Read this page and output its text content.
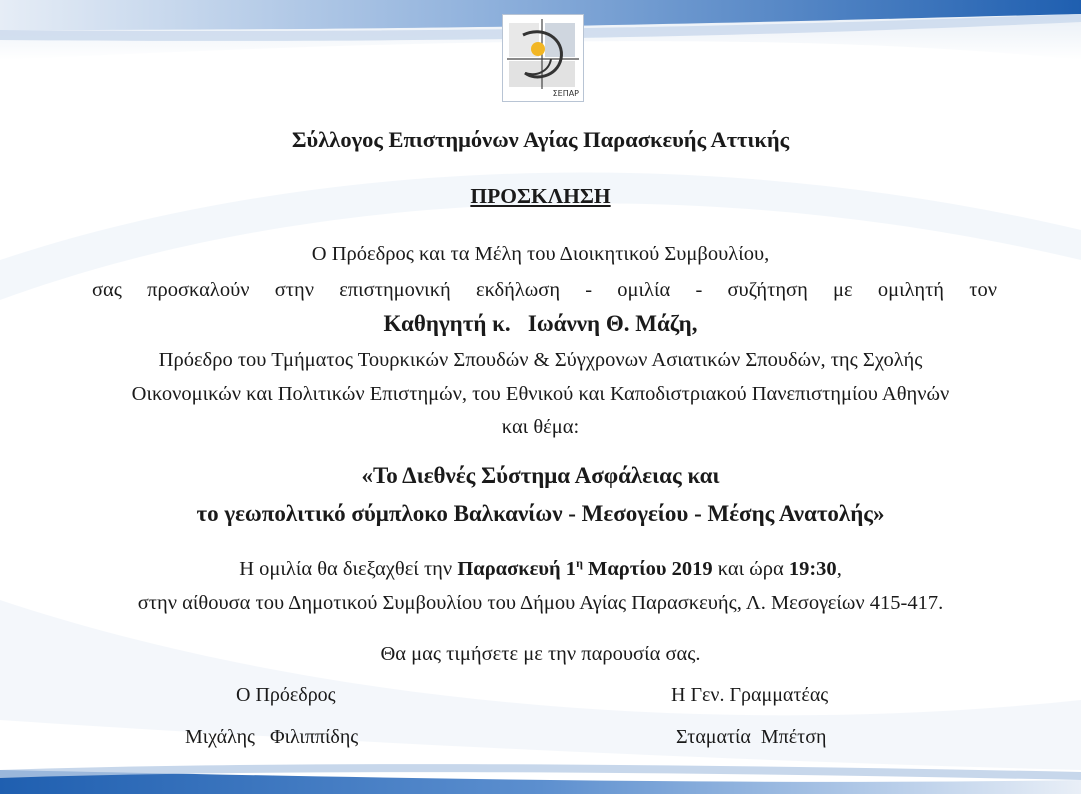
ΣΕΠΑΡ

Σύλλογος Επιστημόνων Αγίας Παρασκευής Αττικής

ΠΡΟΣΚΛΗΣΗ

Ο Πρόεδρος και τα Μέλη του Διοικητικού Συμβουλίου,

σας προσκαλούν στην επιστημονική εκδήλωση - ομιλία - συζήτηση με ομιλητή τον

Καθηγητή κ. Ιωάννη Θ. Μάζη,

Πρόεδρο του Τμήματος Τουρκικών Σπουδών & Σύγχρονων Ασιατικών Σπουδών, της Σχολής

Οικονομικών και Πολιτικών Επιστημών, του Εθνικού και Καποδιστριακού Πανεπιστημίου Αθηνών

και θέμα:

«Το Διεθνές Σύστημα Ασφάλειας και

το γεωπολιτικό σύμπλοκο Βαλκανίων - Μεσογείου - Μέσης Ανατολής»

Η ομιλία θα διεξαχθεί την Παρασκευή $1^\eta$ Μαρτίου 2019 και ώρα 19:30,

στην αίθουσα του Δημοτικού Συμβουλίου του Δήμου Αγίας Παρασκευής, Λ. Μεσογείων 415-417.

Θα μας τιμήσετε με την παρουσία σας.

Ο Πρόεδρος

Μιχάλης   Φιλιππίδης

Η Γεν. Γραμματέας

Σταματία  Μπέτση
